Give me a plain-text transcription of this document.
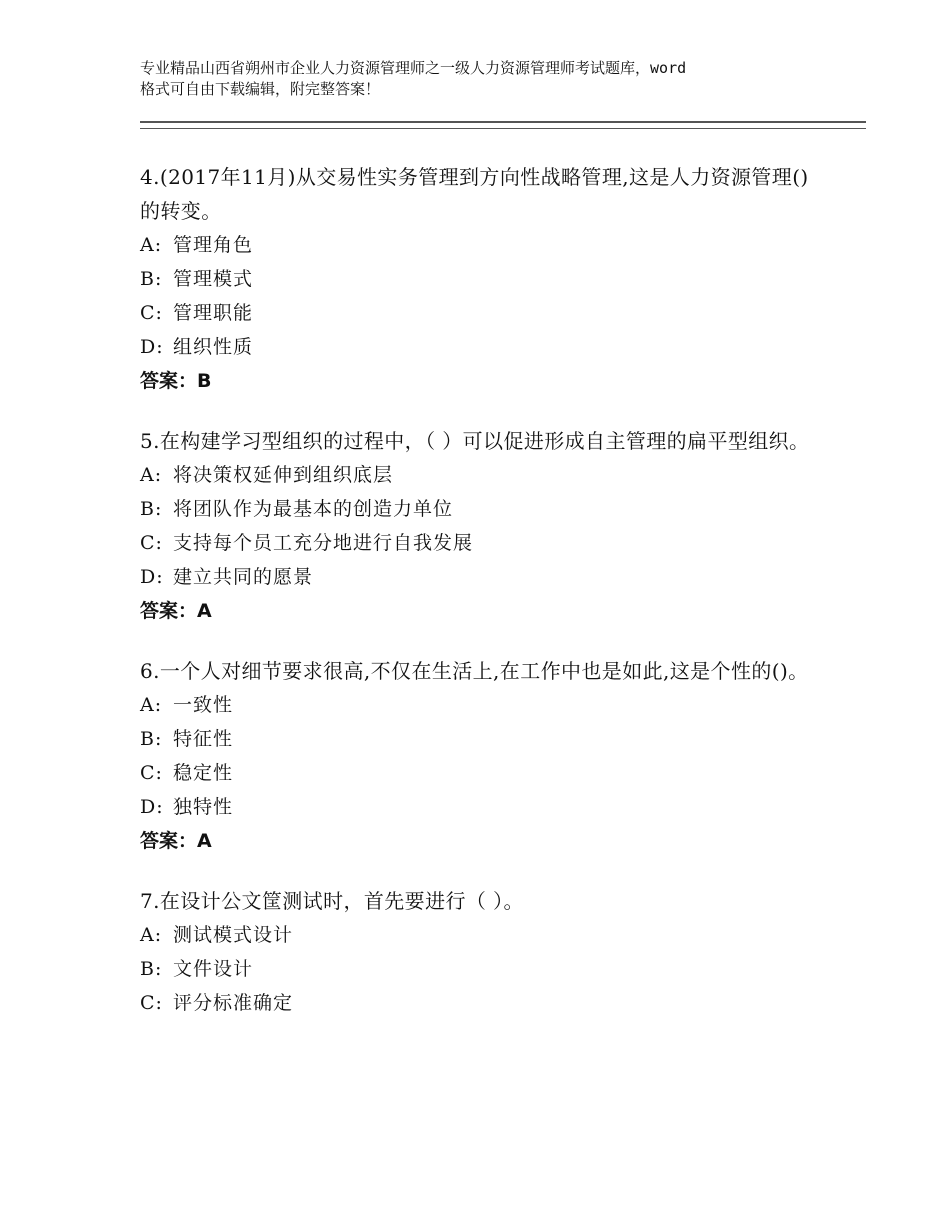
专业精品山西省朔州市企业人力资源管理师之一级人力资源管理师考试题库，word
格式可自由下载编辑，附完整答案！

4.(2017年11月)从交易性实务管理到方向性战略管理,这是人力资源管理()的转变。

A: 管理角色

B: 管理模式

C: 管理职能

D: 组织性质

答案：B

5.在构建学习型组织的过程中，（ ）可以促进形成自主管理的扁平型组织。

A: 将决策权延伸到组织底层

B: 将团队作为最基本的创造力单位

C: 支持每个员工充分地进行自我发展

D: 建立共同的愿景

答案：A

6.一个人对细节要求很高,不仅在生活上,在工作中也是如此,这是个性的()。

A: 一致性

B: 特征性

C: 稳定性

D: 独特性

答案：A

7.在设计公文筐测试时，首先要进行（ ）。

A: 测试模式设计

B: 文件设计

C: 评分标准确定
